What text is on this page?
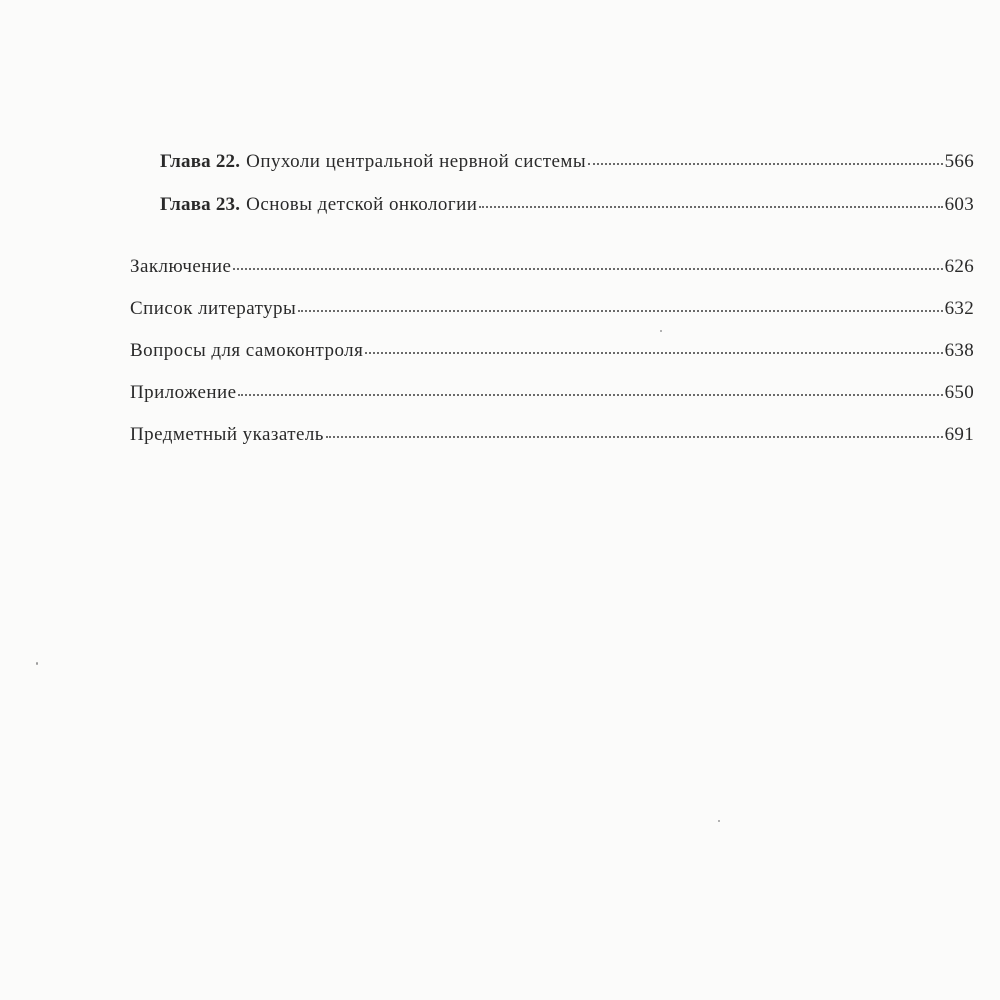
Глава 22. Опухоли центральной нервной системы	566
Глава 23. Основы детской онкологии	603
Заключение	626
Список литературы	632
Вопросы для самоконтроля	638
Приложение	650
Предметный указатель	691
